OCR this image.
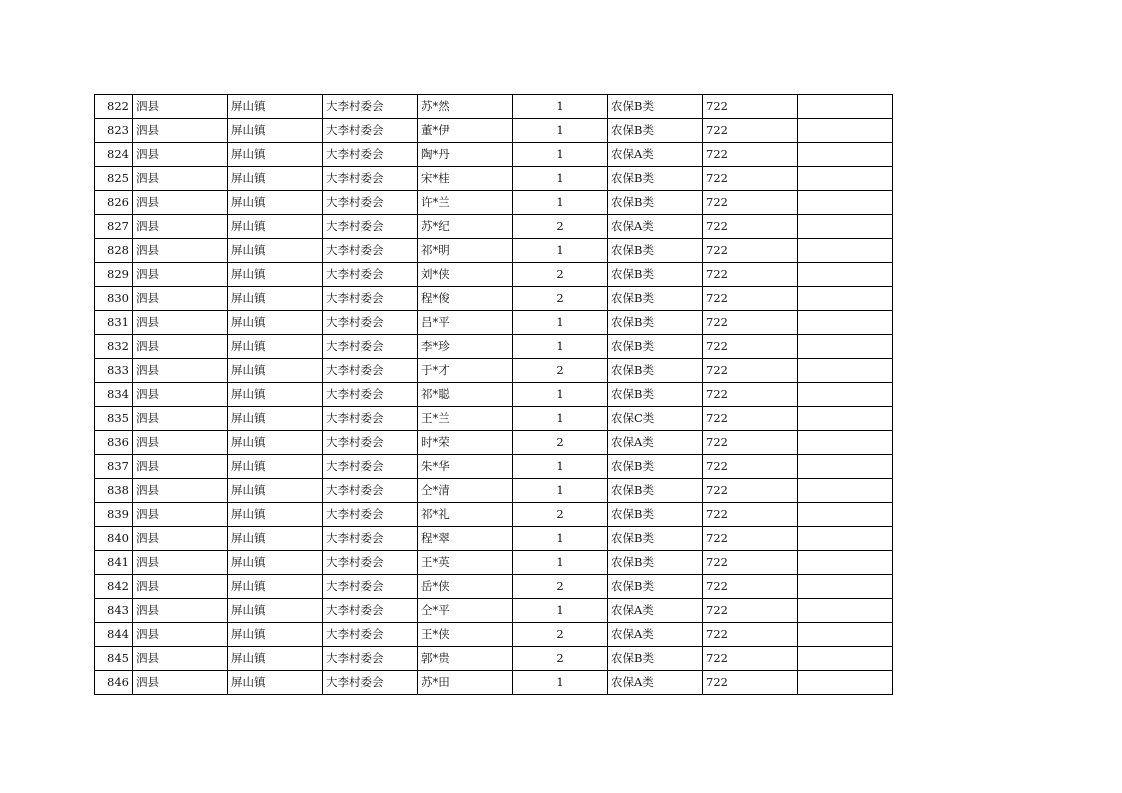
822	泗县	屏山镇	大李村委会	苏*然	1	农保B类	722	
823	泗县	屏山镇	大李村委会	董*伊	1	农保B类	722	
824	泗县	屏山镇	大李村委会	陶*丹	1	农保A类	722	
825	泗县	屏山镇	大李村委会	宋*桂	1	农保B类	722	
826	泗县	屏山镇	大李村委会	许*兰	1	农保B类	722	
827	泗县	屏山镇	大李村委会	苏*纪	2	农保A类	722	
828	泗县	屏山镇	大李村委会	祁*明	1	农保B类	722	
829	泗县	屏山镇	大李村委会	刘*侠	2	农保B类	722	
830	泗县	屏山镇	大李村委会	程*俊	2	农保B类	722	
831	泗县	屏山镇	大李村委会	吕*平	1	农保B类	722	
832	泗县	屏山镇	大李村委会	李*珍	1	农保B类	722	
833	泗县	屏山镇	大李村委会	于*才	2	农保B类	722	
834	泗县	屏山镇	大李村委会	祁*聪	1	农保B类	722	
835	泗县	屏山镇	大李村委会	王*兰	1	农保C类	722	
836	泗县	屏山镇	大李村委会	时*荣	2	农保A类	722	
837	泗县	屏山镇	大李村委会	朱*华	1	农保B类	722	
838	泗县	屏山镇	大李村委会	仝*清	1	农保B类	722	
839	泗县	屏山镇	大李村委会	祁*礼	2	农保B类	722	
840	泗县	屏山镇	大李村委会	程*翠	1	农保B类	722	
841	泗县	屏山镇	大李村委会	王*英	1	农保B类	722	
842	泗县	屏山镇	大李村委会	岳*侠	2	农保B类	722	
843	泗县	屏山镇	大李村委会	仝*平	1	农保A类	722	
844	泗县	屏山镇	大李村委会	王*侠	2	农保A类	722	
845	泗县	屏山镇	大李村委会	郭*贵	2	农保B类	722	
846	泗县	屏山镇	大李村委会	苏*田	1	农保A类	722	
